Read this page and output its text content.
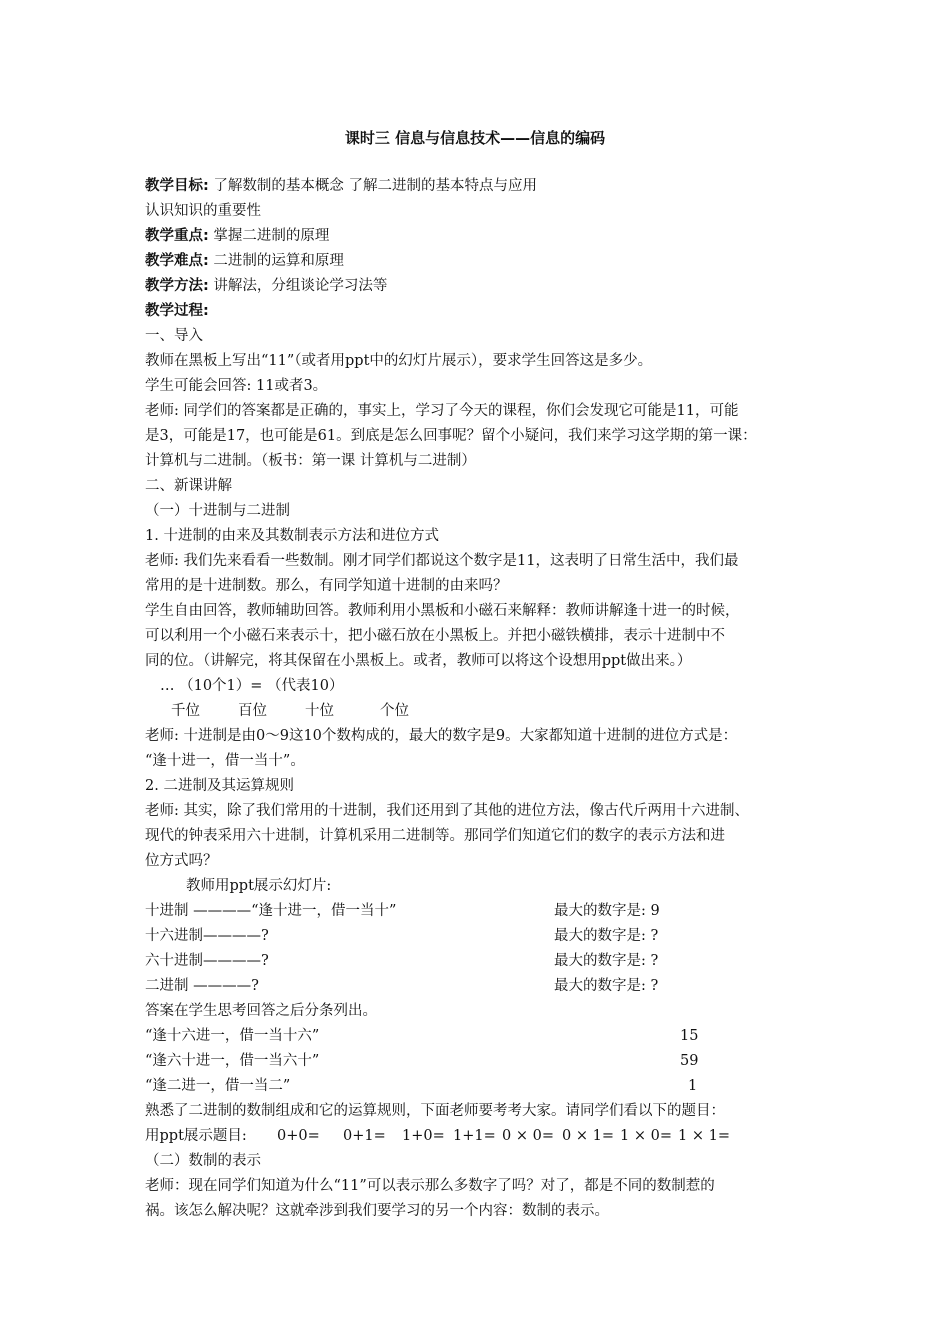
课时三 信息与信息技术——信息的编码
教学目标: 了解数制的基本概念 了解二进制的基本特点与应用
认识知识的重要性
教学重点: 掌握二进制的原理
教学难点: 二进制的运算和原理
教学方法: 讲解法，分组谈论学习法等
教学过程:
一、导入
教师在黑板上写出“11”（或者用ppt中的幻灯片展示），要求学生回答这是多少。
学生可能会回答: 11或者3。
老师: 同学们的答案都是正确的，事实上，学习了今天的课程，你们会发现它可能是11，可能
是3，可能是17，也可能是61。到底是怎么回事呢？留个小疑问，我们来学习这学期的第一课：
计算机与二进制。（板书：第一课 计算机与二进制）
二、新课讲解
（一）十进制与二进制
1. 十进制的由来及其数制表示方法和进位方式
老师: 我们先来看看一些数制。刚才同学们都说这个数字是11，这表明了日常生活中，我们最
常用的是十进制数。那么，有同学知道十进制的由来吗？
学生自由回答，教师辅助回答。教师利用小黑板和小磁石来解释：教师讲解逢十进一的时候，
可以利用一个小磁石来表示十，把小磁石放在小黑板上。并把小磁铁横排，表示十进制中不
同的位。（讲解完，将其保留在小黑板上。或者，教师可以将这个设想用ppt做出来。）
… （10个1）= （代表10）
千位	百位	十位	个位
老师: 十进制是由0～9这10个数构成的，最大的数字是9。大家都知道十进制的进位方式是：
“逢十进一，借一当十”。
2. 二进制及其运算规则
老师: 其实，除了我们常用的十进制，我们还用到了其他的进位方法，像古代斤两用十六进制、
现代的钟表采用六十进制，计算机采用二进制等。那同学们知道它们的数字的表示方法和进
位方式吗？
教师用ppt展示幻灯片:
十进制 ————“逢十进一，借一当十”	最大的数字是: 9
十六进制————?	最大的数字是: ?
六十进制————?	最大的数字是: ?
二进制 ————?	最大的数字是: ?
答案在学生思考回答之后分条列出。
“逢十六进一，借一当十六”	15
“逢六十进一，借一当六十”	59
“逢二进一，借一当二”	1
熟悉了二进制的数制组成和它的运算规则，下面老师要考考大家。请同学们看以下的题目：
用ppt展示题目: 0+0= 0+1= 1+0= 1+1= 0 × 0= 0 × 1= 1 × 0= 1 × 1=
（二）数制的表示
老师：现在同学们知道为什么“11”可以表示那么多数字了吗？对了，都是不同的数制惹的
祸。该怎么解决呢？这就牵涉到我们要学习的另一个内容：数制的表示。
